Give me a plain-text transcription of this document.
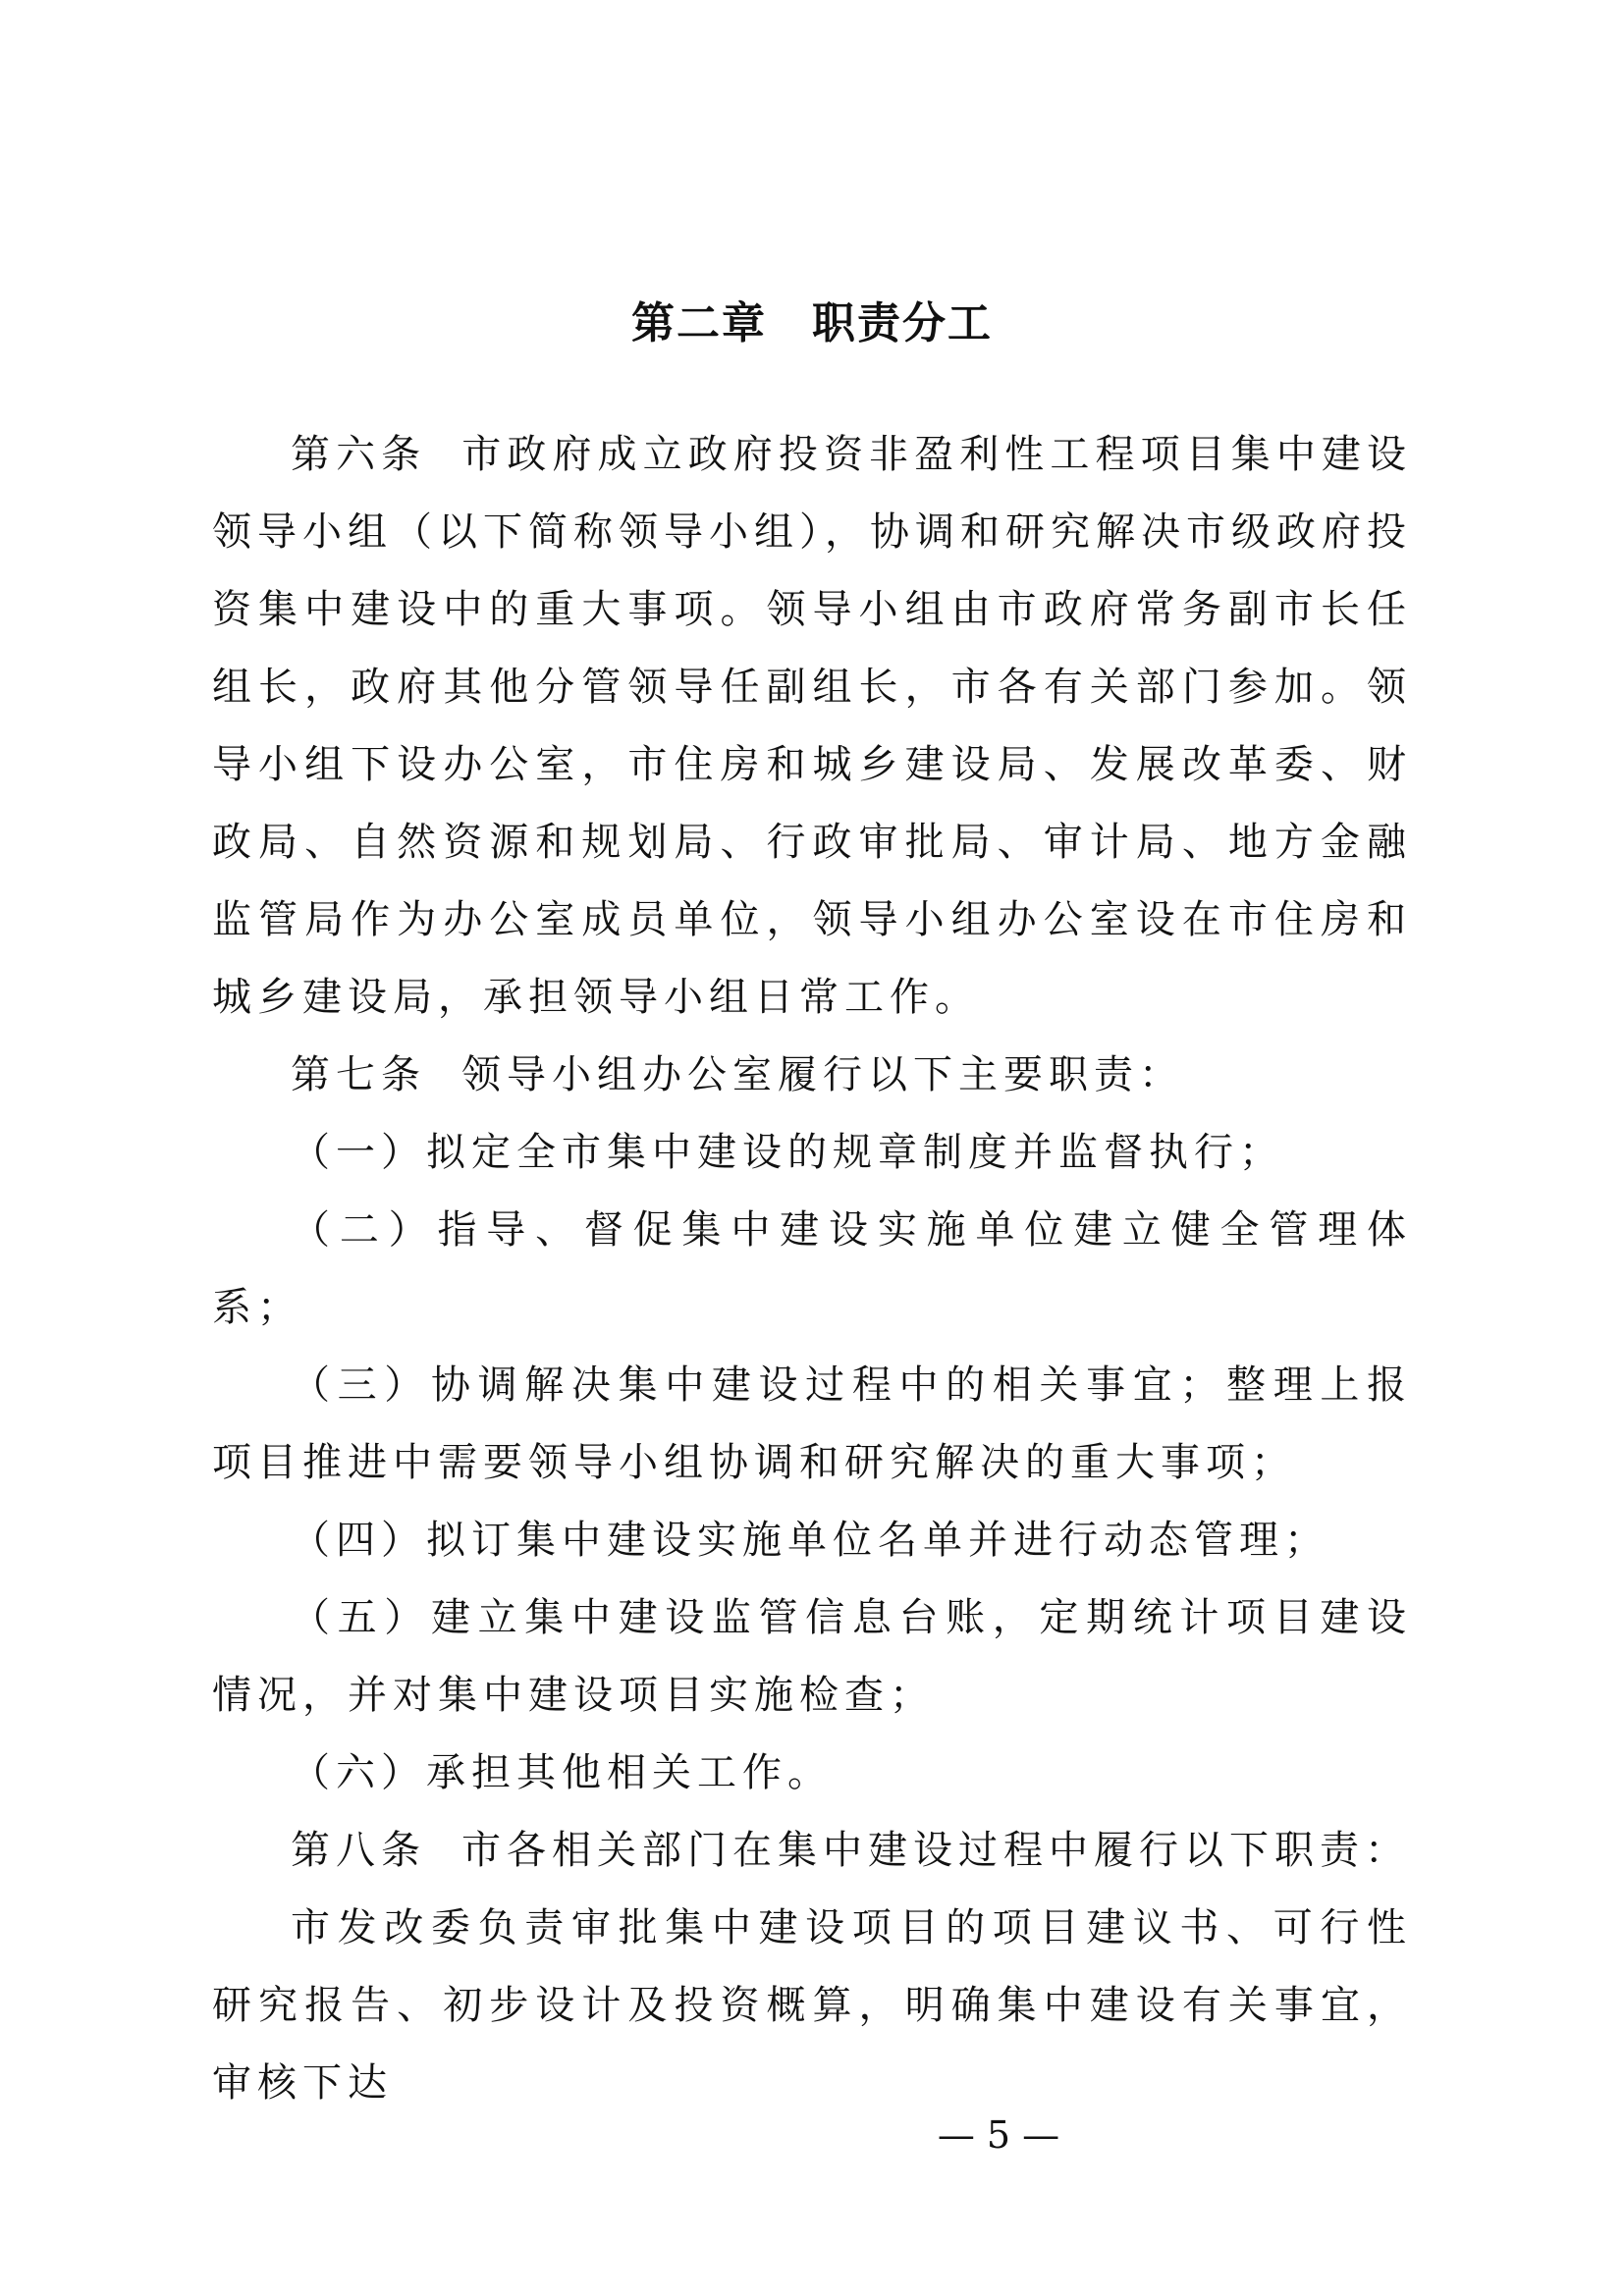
第二章　职责分工

第六条 市政府成立政府投资非盈利性工程项目集中建设领导小组（以下简称领导小组），协调和研究解决市级政府投资集中建设中的重大事项。领导小组由市政府常务副市长任组长，政府其他分管领导任副组长，市各有关部门参加。领导小组下设办公室，市住房和城乡建设局、发展改革委、财政局、自然资源和规划局、行政审批局、审计局、地方金融监管局作为办公室成员单位，领导小组办公室设在市住房和城乡建设局，承担领导小组日常工作。

第七条 领导小组办公室履行以下主要职责：

（一）拟定全市集中建设的规章制度并监督执行；

（二）指导、督促集中建设实施单位建立健全管理体系；

（三）协调解决集中建设过程中的相关事宜；整理上报项目推进中需要领导小组协调和研究解决的重大事项；

（四）拟订集中建设实施单位名单并进行动态管理；

（五）建立集中建设监管信息台账，定期统计项目建设情况，并对集中建设项目实施检查；

（六）承担其他相关工作。

第八条 市各相关部门在集中建设过程中履行以下职责：

市发改委负责审批集中建设项目的项目建议书、可行性研究报告、初步设计及投资概算，明确集中建设有关事宜，审核下达

— 5 —
